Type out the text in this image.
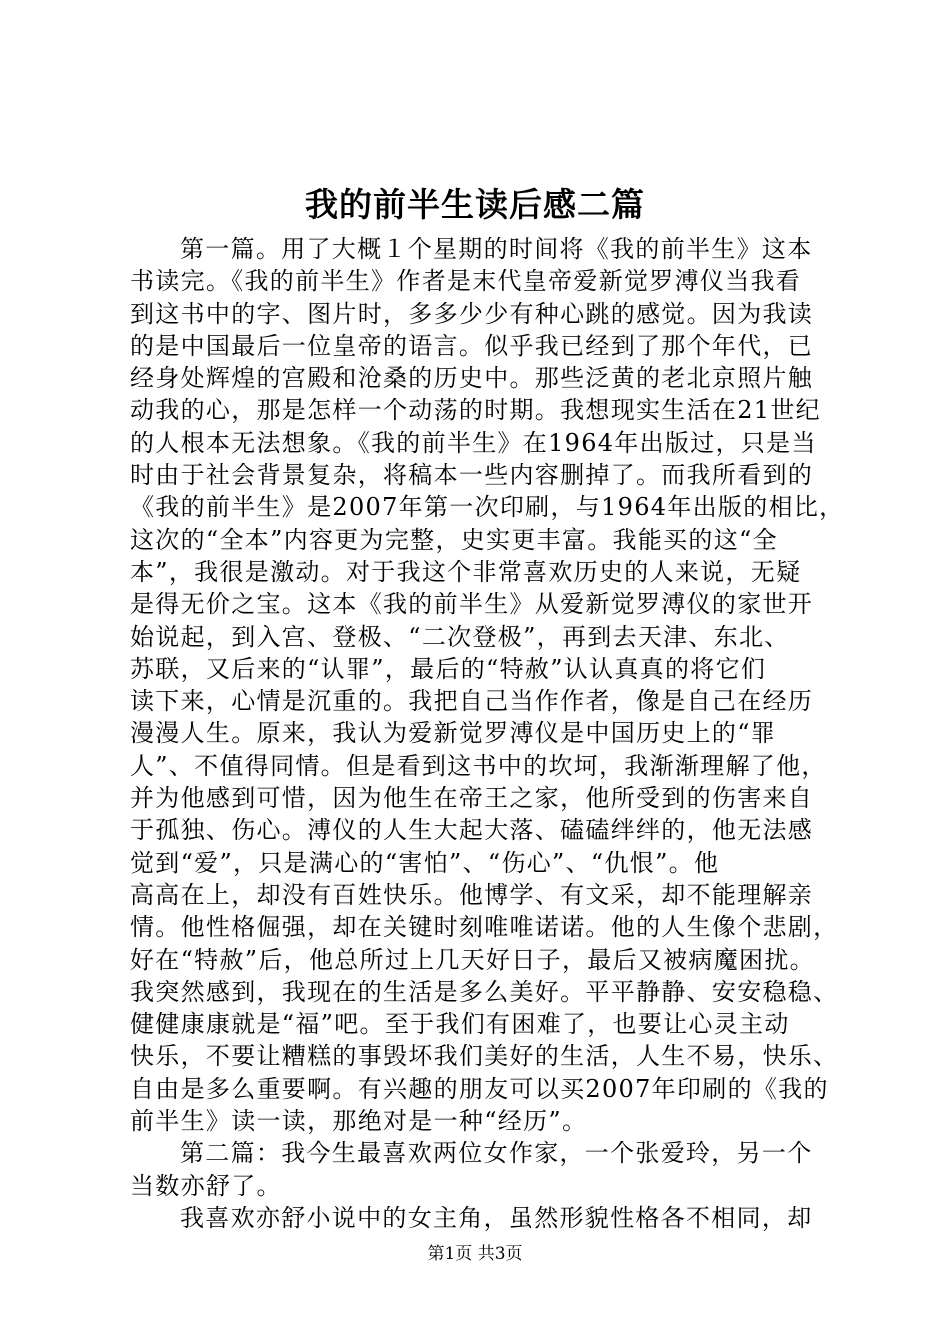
我的前半生读后感二篇
第一篇。用了大概１个星期的时间将《我的前半生》这本
书读完。《我的前半生》作者是末代皇帝爱新觉罗溥仪当我看
到这书中的字、图片时，多多少少有种心跳的感觉。因为我读
的是中国最后一位皇帝的语言。似乎我已经到了那个年代，已
经身处辉煌的宫殿和沧桑的历史中。那些泛黄的老北京照片触
动我的心，那是怎样一个动荡的时期。我想现实生活在21世纪
的人根本无法想象。《我的前半生》在1964年出版过，只是当
时由于社会背景复杂，将稿本一些内容删掉了。而我所看到的
《我的前半生》是2007年第一次印刷，与1964年出版的相比，
这次的“全本”内容更为完整，史实更丰富。我能买的这“全
本”，我很是激动。对于我这个非常喜欢历史的人来说，无疑
是得无价之宝。这本《我的前半生》从爱新觉罗溥仪的家世开
始说起，到入宫、登极、“二次登极”，再到去天津、东北、
苏联，又后来的“认罪”，最后的“特赦”认认真真的将它们
读下来，心情是沉重的。我把自己当作作者，像是自己在经历
漫漫人生。原来，我认为爱新觉罗溥仪是中国历史上的“罪
人”、不值得同情。但是看到这书中的坎坷，我渐渐理解了他，
并为他感到可惜，因为他生在帝王之家，他所受到的伤害来自
于孤独、伤心。溥仪的人生大起大落、磕磕绊绊的，他无法感
觉到“爱”，只是满心的“害怕”、“伤心”、“仇恨”。他
高高在上，却没有百姓快乐。他博学、有文采，却不能理解亲
情。他性格倔强，却在关键时刻唯唯诺诺。他的人生像个悲剧，
好在“特赦”后，他总所过上几天好日子，最后又被病魔困扰。
我突然感到，我现在的生活是多么美好。平平静静、安安稳稳、
健健康康就是“福”吧。至于我们有困难了，也要让心灵主动
快乐，不要让糟糕的事毁坏我们美好的生活，人生不易，快乐、
自由是多么重要啊。有兴趣的朋友可以买2007年印刷的《我的
前半生》读一读，那绝对是一种“经历”。
第二篇：我今生最喜欢两位女作家，一个张爱玲，另一个
当数亦舒了。
我喜欢亦舒小说中的女主角，虽然形貌性格各不相同，却
第1页 共3页
